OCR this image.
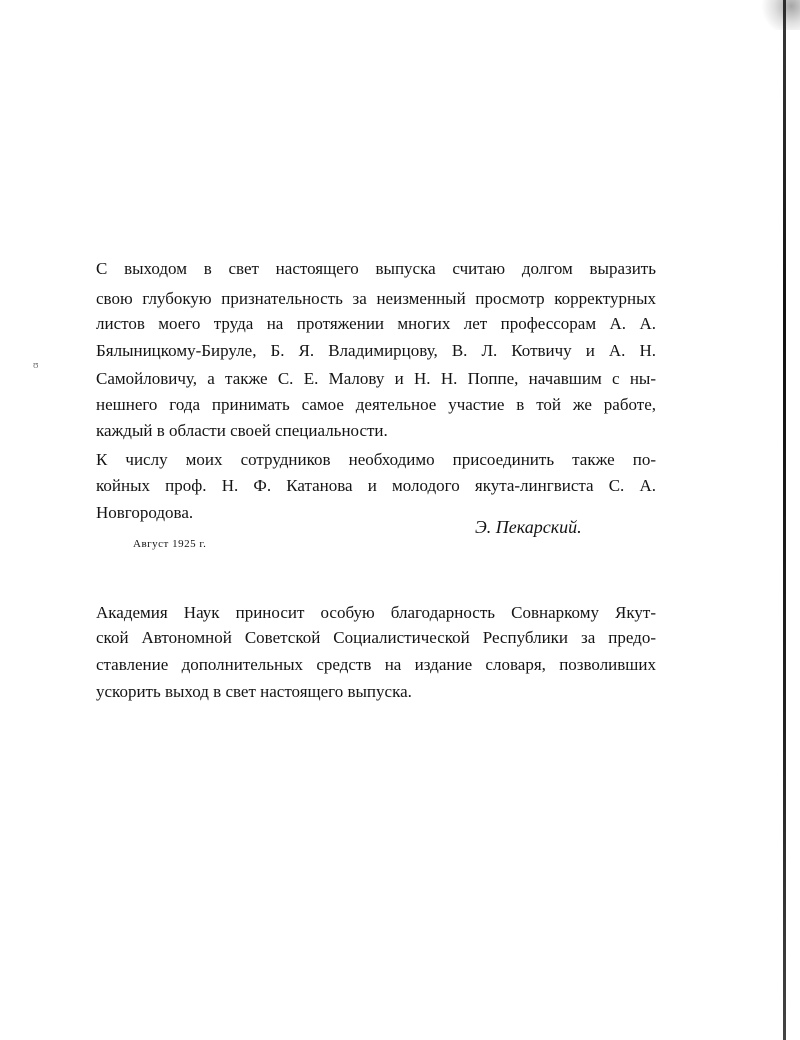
ʊ
С выходом в свет настоящего выпуска считаю долгом выразить
свою глубокую признательность за неизменный просмотр корректурных
листов моего труда на протяжении многих лет профессорам А. А.
Бялыницкому-Бируле, Б. Я. Владимирцову, В. Л. Котвичу и А. Н.
Самойловичу, а также С. Е. Малову и Н. Н. Поппе, начавшим с ны-
нешнего года принимать самое деятельное участие в той же работе,
каждый в области своей специальности.
К числу моих сотрудников необходимо присоединить также по-
койных проф. Н. Ф. Катанова и молодого якута-лингвиста С. А.
Новгородова.
Э. Пекарский.
Август 1925 г.
Академия Наук приносит особую благодарность Совнаркому Якут-
ской Автономной Советской Социалистической Республики за предо-
ставление дополнительных средств на издание словаря, позволивших
ускорить выход в свет настоящего выпуска.
